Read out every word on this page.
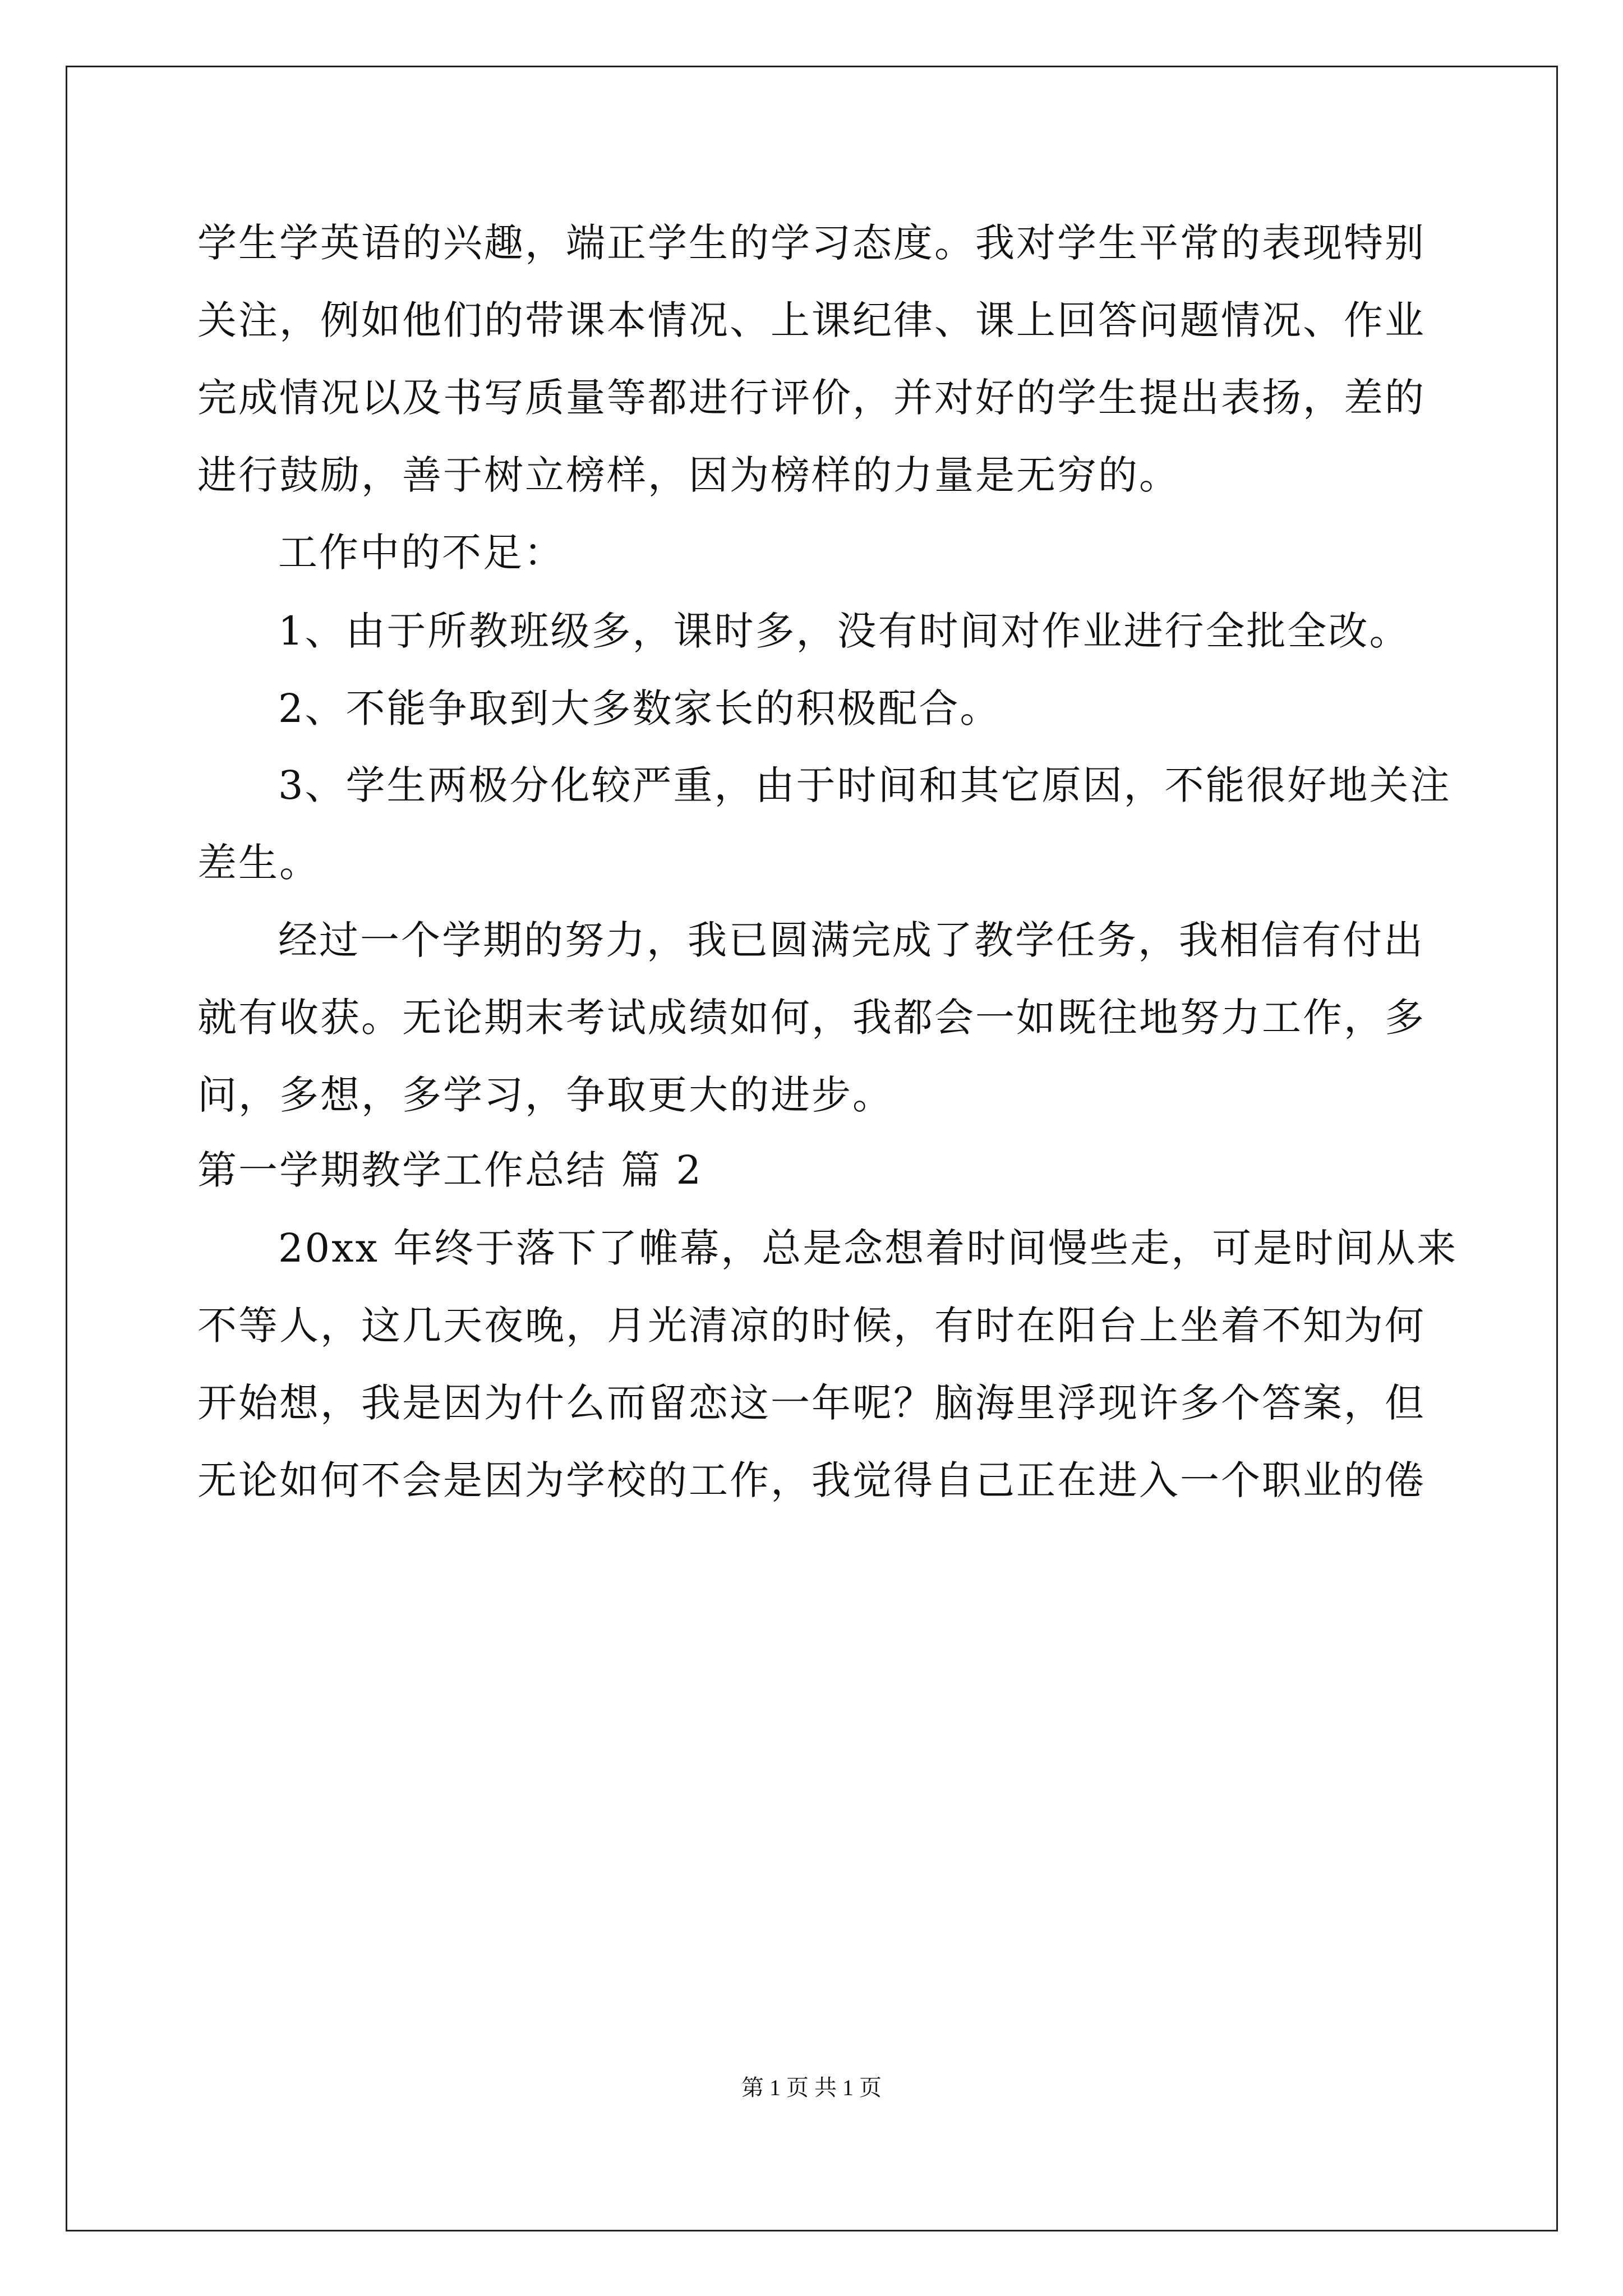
学生学英语的兴趣，端正学生的学习态度。我对学生平常的表现特别
关注，例如他们的带课本情况、上课纪律、课上回答问题情况、作业
完成情况以及书写质量等都进行评价，并对好的学生提出表扬，差的
进行鼓励，善于树立榜样，因为榜样的力量是无穷的。
工作中的不足：
1、由于所教班级多，课时多，没有时间对作业进行全批全改。
2、不能争取到大多数家长的积极配合。
3、学生两极分化较严重，由于时间和其它原因，不能很好地关注
差生。
经过一个学期的努力，我已圆满完成了教学任务，我相信有付出
就有收获。无论期末考试成绩如何，我都会一如既往地努力工作，多
问，多想，多学习，争取更大的进步。
第一学期教学工作总结 篇 2
20xx 年终于落下了帷幕，总是念想着时间慢些走，可是时间从来
不等人，这几天夜晚，月光清凉的时候，有时在阳台上坐着不知为何
开始想，我是因为什么而留恋这一年呢？脑海里浮现许多个答案，但
无论如何不会是因为学校的工作，我觉得自己正在进入一个职业的倦
第 1 页 共 1 页
